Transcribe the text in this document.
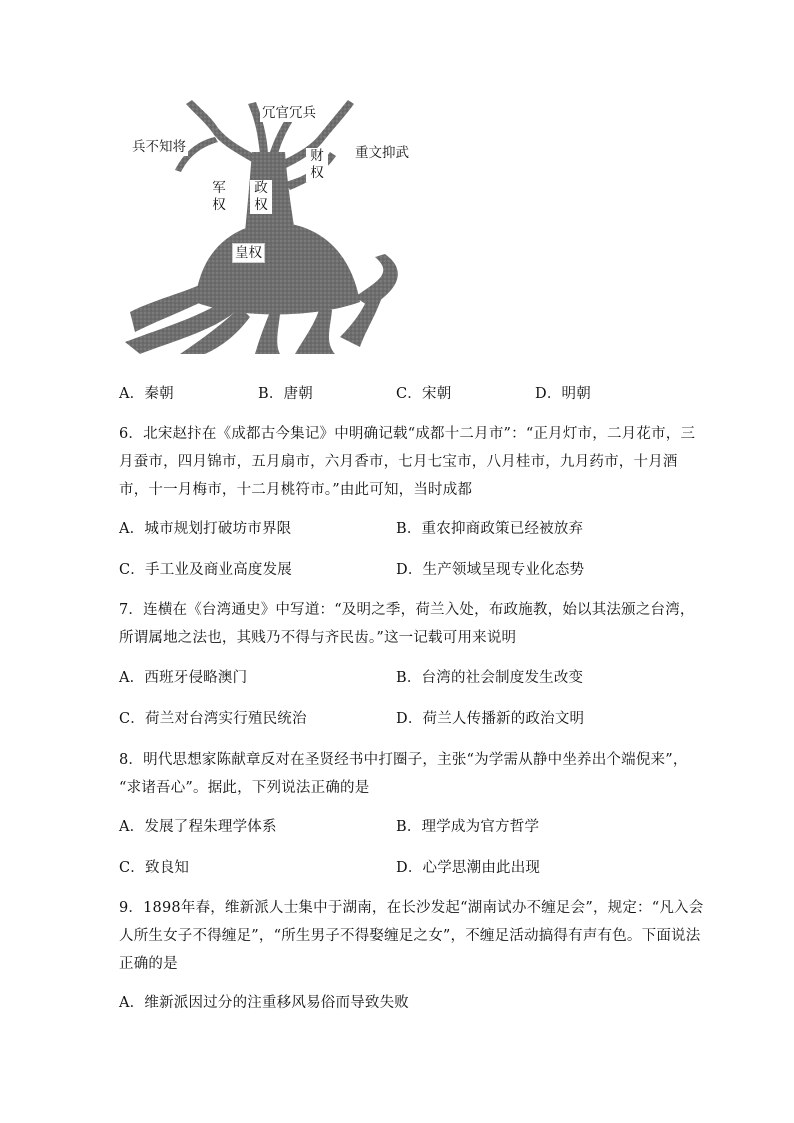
冗官冗兵
兵不知将	重文抑武
财权
军权
政权
皇权
A．秦朝	B．唐朝	C．宋朝	D．明朝
6．北宋赵抃在《成都古今集记》中明确记载“成都十二月市”：“正月灯市，二月花市，三
月蚕市，四月锦市，五月扇市，六月香市，七月七宝市，八月桂市，九月药市，十月酒
市，十一月梅市，十二月桃符市。”由此可知，当时成都
A．城市规划打破坊市界限	B．重农抑商政策已经被放弃
C．手工业及商业高度发展	D．生产领域呈现专业化态势
7．连横在《台湾通史》中写道：“及明之季，荷兰入处，布政施教，始以其法颁之台湾，
所谓属地之法也，其贱乃不得与齐民齿。”这一记载可用来说明
A．西班牙侵略澳门	B．台湾的社会制度发生改变
C．荷兰对台湾实行殖民统治	D．荷兰人传播新的政治文明
8．明代思想家陈献章反对在圣贤经书中打圈子，主张“为学需从静中坐养出个端倪来”，
“求诸吾心”。据此，下列说法正确的是
A．发展了程朱理学体系	B．理学成为官方哲学
C．致良知	D．心学思潮由此出现
9．1898年春，维新派人士集中于湖南，在长沙发起“湖南试办不缠足会”，规定：“凡入会
人所生女子不得缠足”，“所生男子不得娶缠足之女”，不缠足活动搞得有声有色。下面说法
正确的是
A．维新派因过分的注重移风易俗而导致失败
